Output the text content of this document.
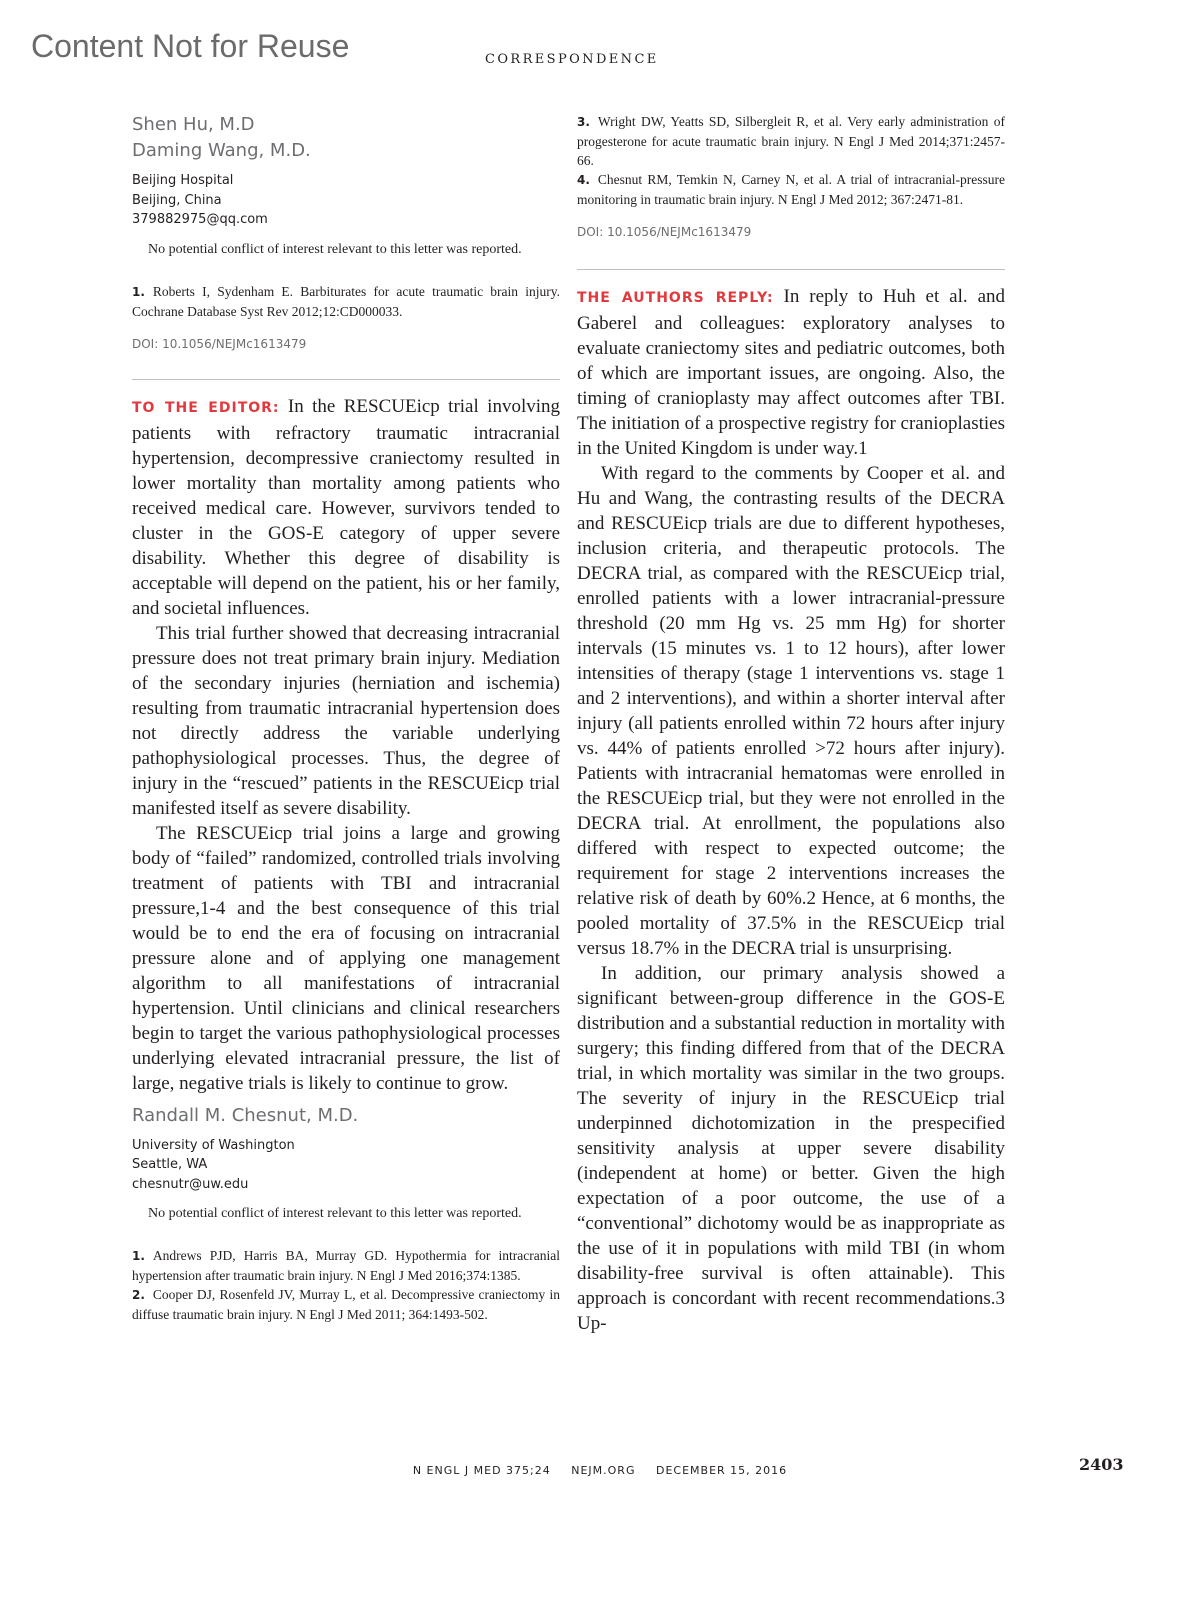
Content Not for Reuse	CORRESPONDENCE
Shen Hu, M.D
Daming Wang, M.D.
Beijing Hospital
Beijing, China
379882975@qq.com

No potential conflict of interest relevant to this letter was reported.

1. Roberts I, Sydenham E. Barbiturates for acute traumatic brain injury. Cochrane Database Syst Rev 2012;12:CD000033.

DOI: 10.1056/NEJMc1613479

TO THE EDITOR: In the RESCUEicp trial involving patients with refractory traumatic intracranial hypertension, decompressive craniectomy resulted in lower mortality than mortality among patients who received medical care. However, survivors tended to cluster in the GOS-E category of upper severe disability. Whether this degree of disability is acceptable will depend on the patient, his or her family, and societal influences.

This trial further showed that decreasing intracranial pressure does not treat primary brain injury. Mediation of the secondary injuries (herniation and ischemia) resulting from traumatic intracranial hypertension does not directly address the variable underlying pathophysiological processes. Thus, the degree of injury in the “rescued” patients in the RESCUEicp trial manifested itself as severe disability.

The RESCUEicp trial joins a large and growing body of “failed” randomized, controlled trials involving treatment of patients with TBI and intracranial pressure,1-4 and the best consequence of this trial would be to end the era of focusing on intracranial pressure alone and of applying one management algorithm to all manifestations of intracranial hypertension. Until clinicians and clinical researchers begin to target the various pathophysiological processes underlying elevated intracranial pressure, the list of large, negative trials is likely to continue to grow.

Randall M. Chesnut, M.D.
University of Washington
Seattle, WA
chesnutr@uw.edu

No potential conflict of interest relevant to this letter was reported.

1. Andrews PJD, Harris BA, Murray GD. Hypothermia for intracranial hypertension after traumatic brain injury. N Engl J Med 2016;374:1385.

2. Cooper DJ, Rosenfeld JV, Murray L, et al. Decompressive craniectomy in diffuse traumatic brain injury. N Engl J Med 2011; 364:1493-502.

3. Wright DW, Yeatts SD, Silbergleit R, et al. Very early administration of progesterone for acute traumatic brain injury. N Engl J Med 2014;371:2457-66.

4. Chesnut RM, Temkin N, Carney N, et al. A trial of intracranial-pressure monitoring in traumatic brain injury. N Engl J Med 2012; 367:2471-81.

DOI: 10.1056/NEJMc1613479

THE AUTHORS REPLY: In reply to Huh et al. and Gaberel and colleagues: exploratory analyses to evaluate craniectomy sites and pediatric outcomes, both of which are important issues, are ongoing. Also, the timing of cranioplasty may affect outcomes after TBI. The initiation of a prospective registry for cranioplasties in the United Kingdom is under way.1

With regard to the comments by Cooper et al. and Hu and Wang, the contrasting results of the DECRA and RESCUEicp trials are due to different hypotheses, inclusion criteria, and therapeutic protocols. The DECRA trial, as compared with the RESCUEicp trial, enrolled patients with a lower intracranial-pressure threshold (20 mm Hg vs. 25 mm Hg) for shorter intervals (15 minutes vs. 1 to 12 hours), after lower intensities of therapy (stage 1 interventions vs. stage 1 and 2 interventions), and within a shorter interval after injury (all patients enrolled within 72 hours after injury vs. 44% of patients enrolled >72 hours after injury). Patients with intracranial hematomas were enrolled in the RESCUEicp trial, but they were not enrolled in the DECRA trial. At enrollment, the populations also differed with respect to expected outcome; the requirement for stage 2 interventions increases the relative risk of death by 60%.2 Hence, at 6 months, the pooled mortality of 37.5% in the RESCUEicp trial versus 18.7% in the DECRA trial is unsurprising.

In addition, our primary analysis showed a significant between-group difference in the GOS-E distribution and a substantial reduction in mortality with surgery; this finding differed from that of the DECRA trial, in which mortality was similar in the two groups. The severity of injury in the RESCUEicp trial underpinned dichotomization in the prespecified sensitivity analysis at upper severe disability (independent at home) or better. Given the high expectation of a poor outcome, the use of a “conventional” dichotomy would be as inappropriate as the use of it in populations with mild TBI (in whom disability-free survival is often attainable). This approach is concordant with recent recommendations.3 Up-

N ENGL J MED 375;24 NEJM.ORG DECEMBER 15, 2016	2403
